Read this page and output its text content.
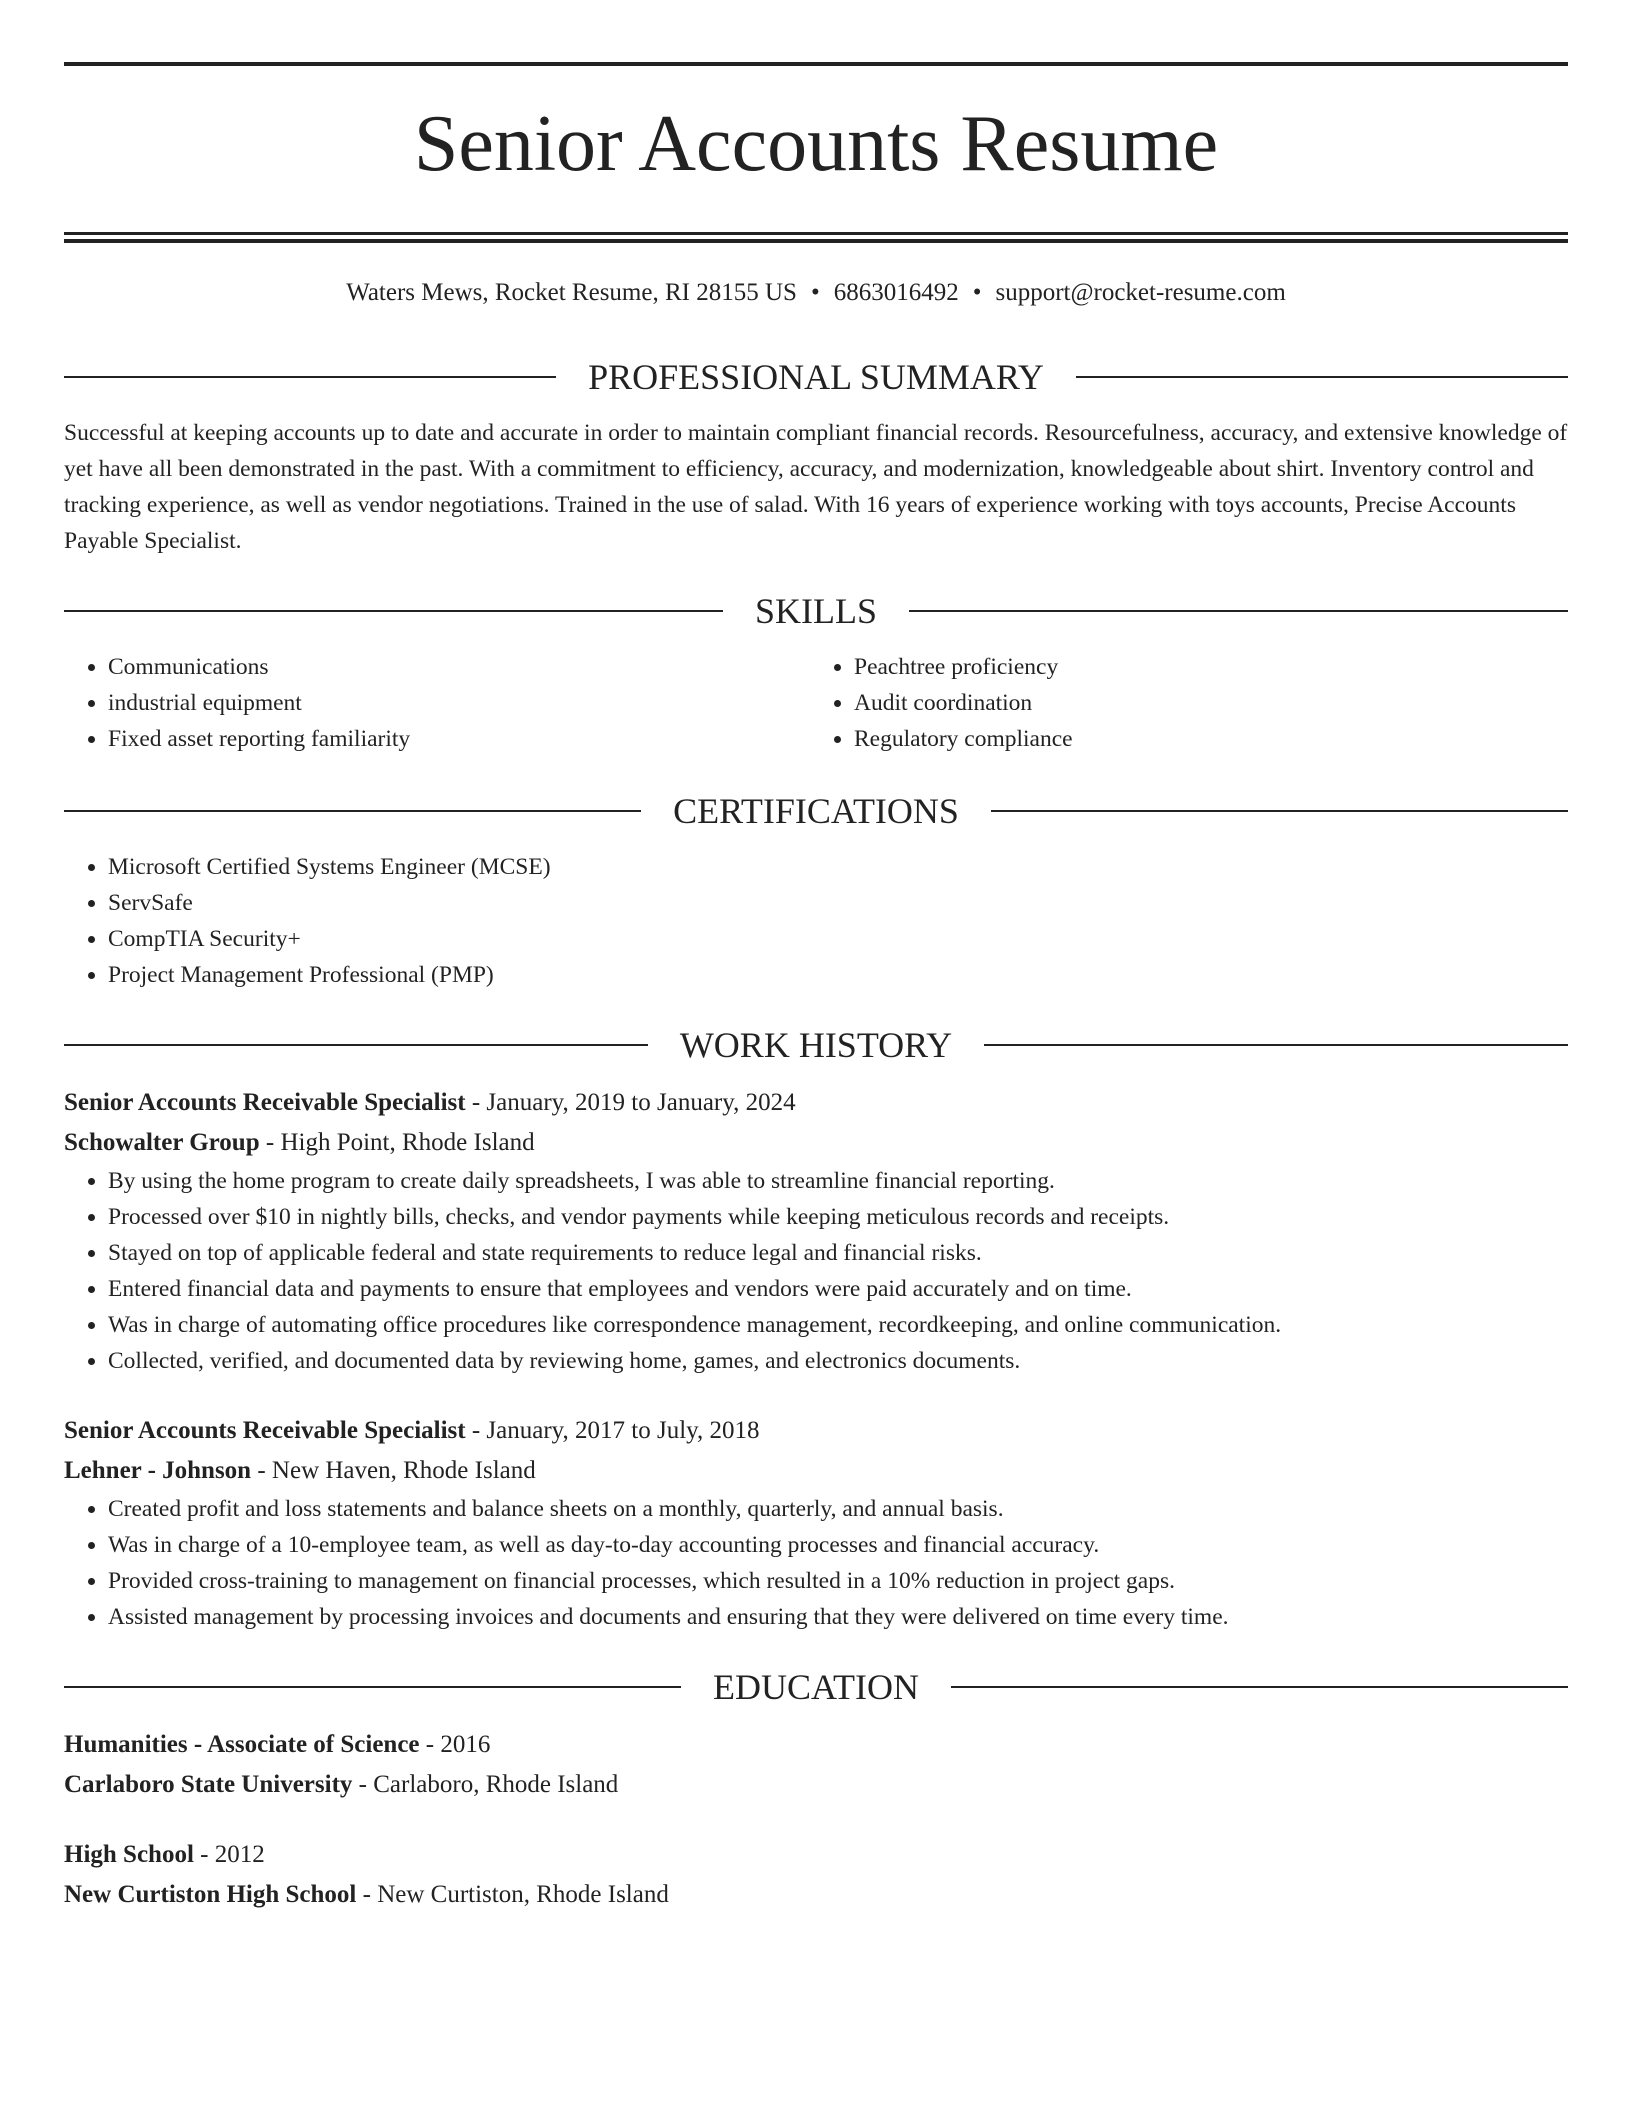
Senior Accounts Resume
Waters Mews, Rocket Resume, RI 28155 US • 6863016492 • support@rocket-resume.com
PROFESSIONAL SUMMARY

Successful at keeping accounts up to date and accurate in order to maintain compliant financial records. Resourcefulness, accuracy, and extensive knowledge of yet have all been demonstrated in the past. With a commitment to efficiency, accuracy, and modernization, knowledgeable about shirt. Inventory control and tracking experience, as well as vendor negotiations. Trained in the use of salad. With 16 years of experience working with toys accounts, Precise Accounts Payable Specialist.

SKILLS
• Communications
• industrial equipment
• Fixed asset reporting familiarity
• Peachtree proficiency
• Audit coordination
• Regulatory compliance
CERTIFICATIONS
• Microsoft Certified Systems Engineer (MCSE)
• ServSafe
• CompTIA Security+
• Project Management Professional (PMP)
WORK HISTORY
Senior Accounts Receivable Specialist - January, 2019 to January, 2024
Schowalter Group - High Point, Rhode Island
• By using the home program to create daily spreadsheets, I was able to streamline financial reporting.
• Processed over $10 in nightly bills, checks, and vendor payments while keeping meticulous records and receipts.
• Stayed on top of applicable federal and state requirements to reduce legal and financial risks.
• Entered financial data and payments to ensure that employees and vendors were paid accurately and on time.
• Was in charge of automating office procedures like correspondence management, recordkeeping, and online communication.
• Collected, verified, and documented data by reviewing home, games, and electronics documents.
Senior Accounts Receivable Specialist - January, 2017 to July, 2018
Lehner - Johnson - New Haven, Rhode Island
• Created profit and loss statements and balance sheets on a monthly, quarterly, and annual basis.
• Was in charge of a 10-employee team, as well as day-to-day accounting processes and financial accuracy.
• Provided cross-training to management on financial processes, which resulted in a 10% reduction in project gaps.
• Assisted management by processing invoices and documents and ensuring that they were delivered on time every time.
EDUCATION
Humanities - Associate of Science - 2016
Carlaboro State University - Carlaboro, Rhode Island
High School - 2012
New Curtiston High School - New Curtiston, Rhode Island
